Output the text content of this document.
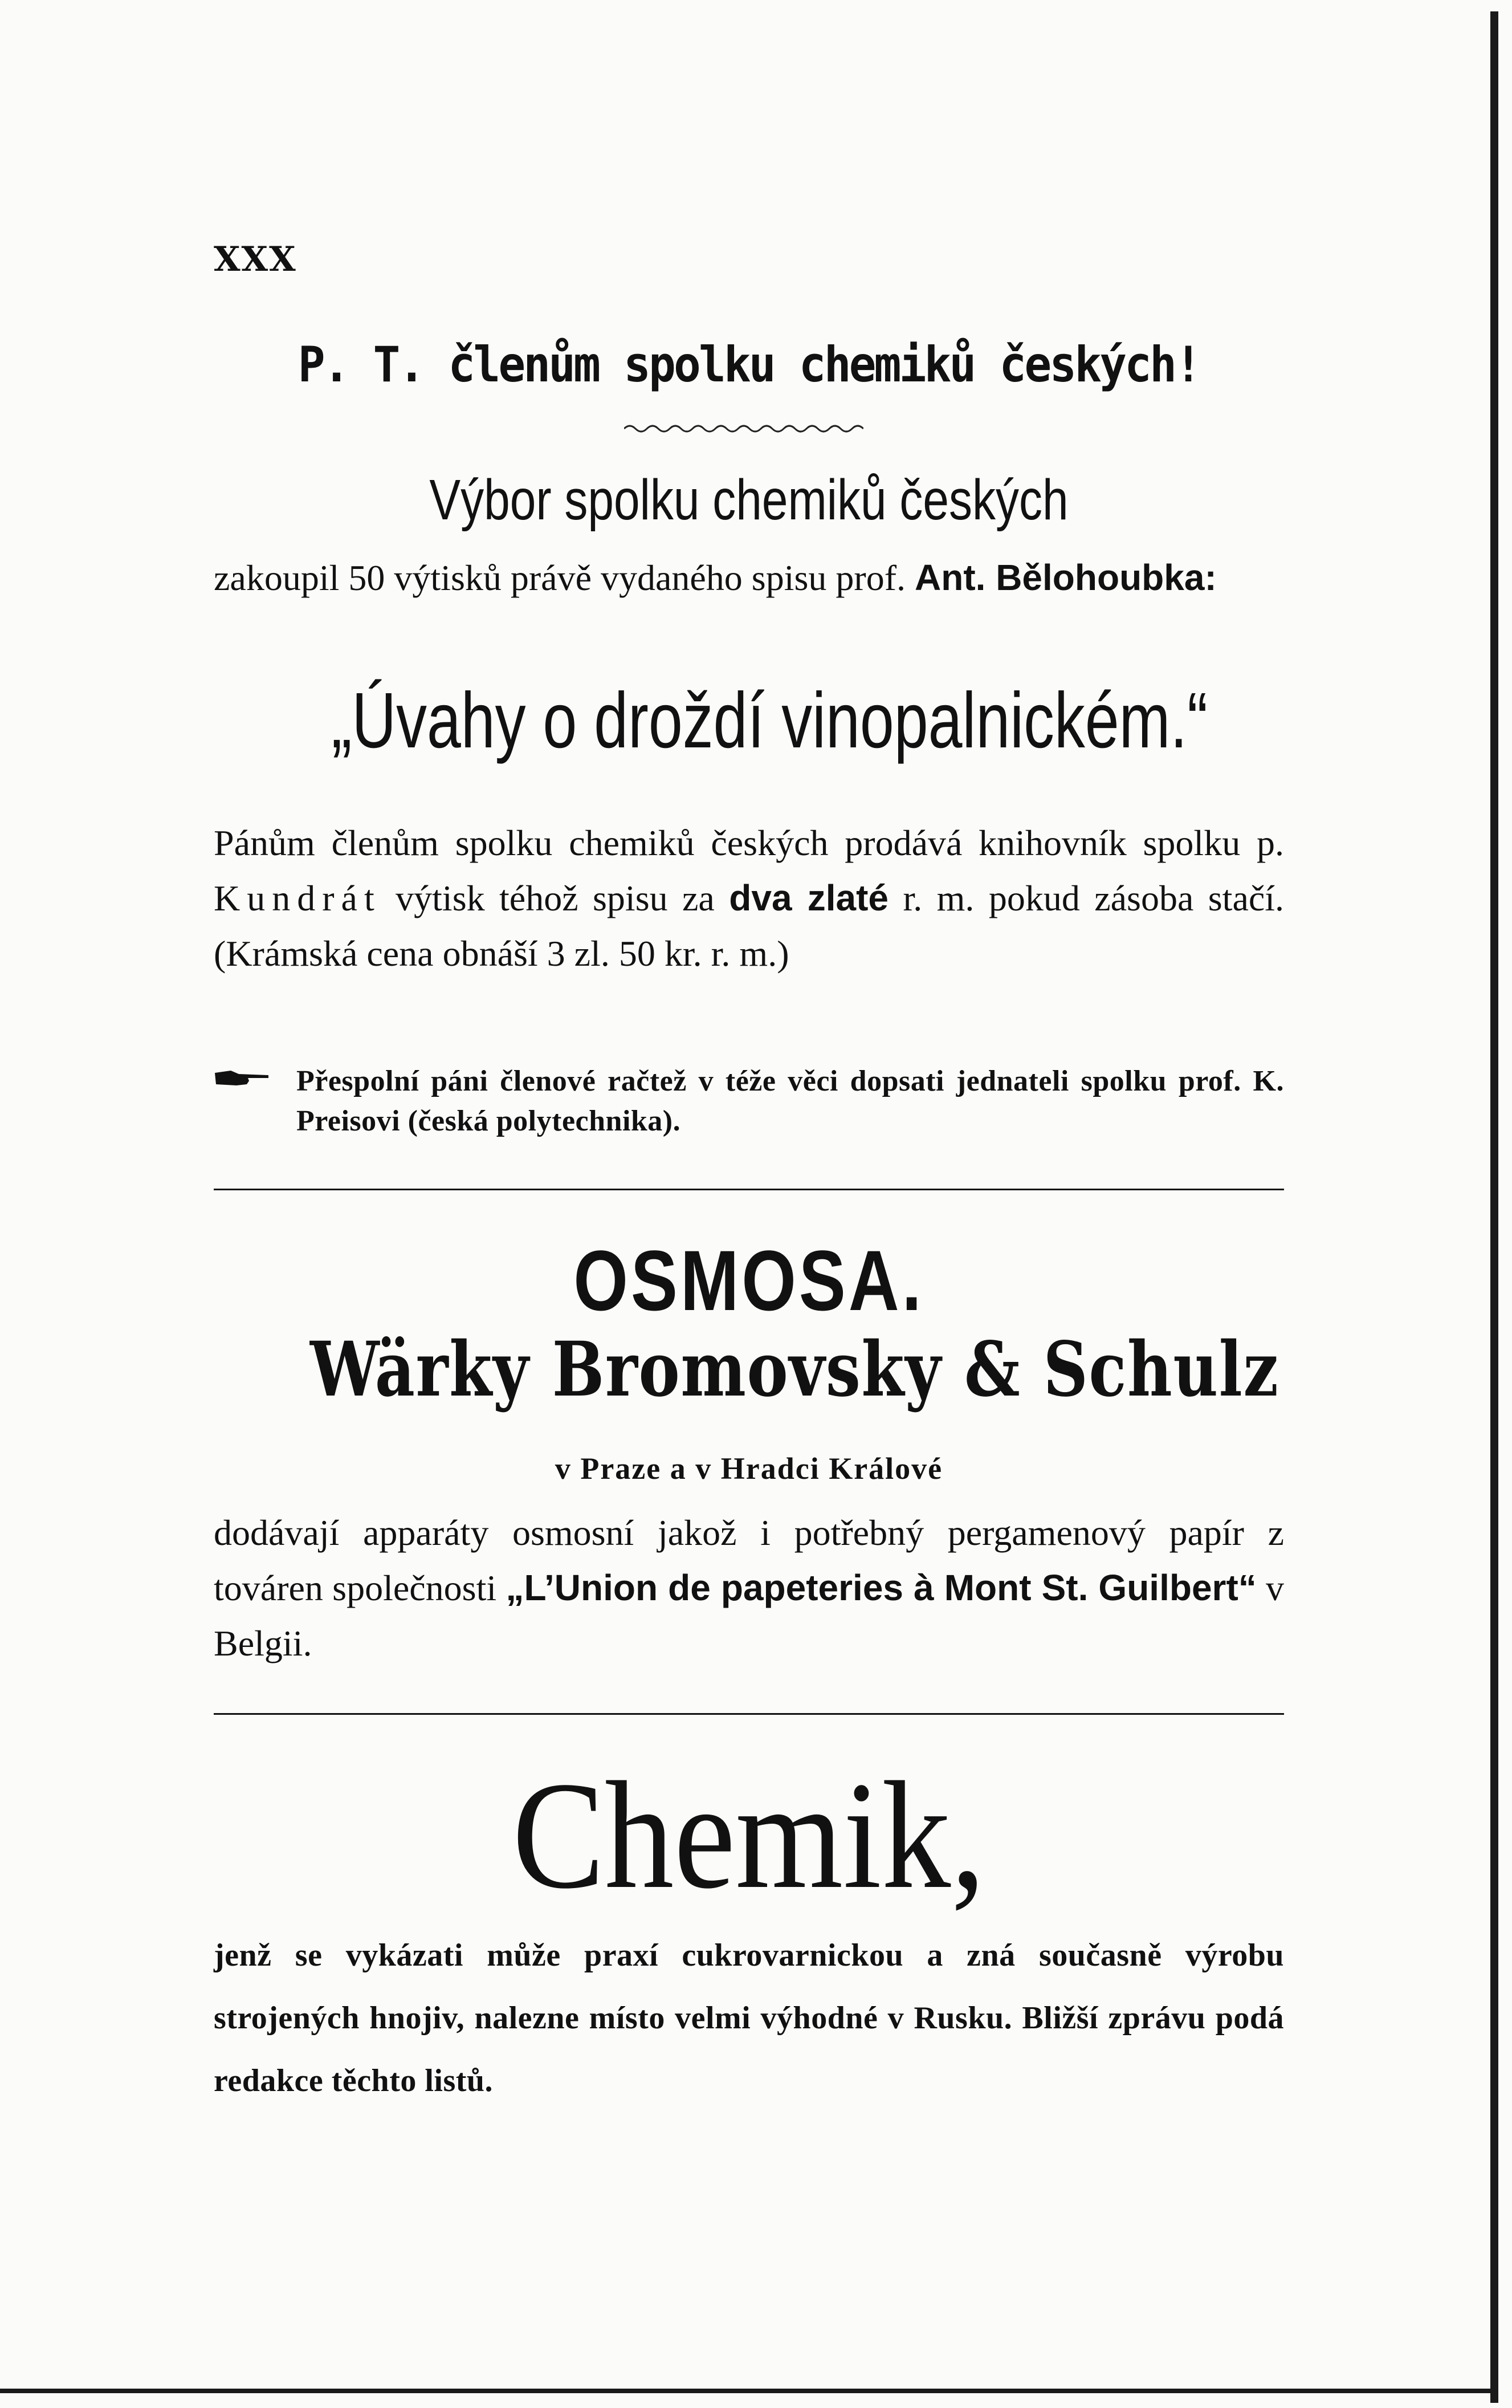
XXX
P. T. členům spolku chemiků českých!
Výbor spolku chemiků českých
zakoupil 50 výtisků právě vydaného spisu prof. Ant. Bělohoubka:
„Úvahy o droždí vinopalnickém.“
Pánům členům spolku chemiků českých prodává knihovník spolku p. Kundrát výtisk téhož spisu za dva zlaté r. m. pokud zásoba stačí. (Krámská cena obnáší 3 zl. 50 kr. r. m.)
Přespolní páni členové račtež v téže věci dopsati jednateli spolku prof. K. Preisovi (česká polytechnika).
OSMOSA.
Wärky Bromovsky & Schulz
v Praze a v Hradci Králové
dodávají apparáty osmosní jakož i potřebný pergamenový papír z továren společnosti „L’Union de papeteries à Mont St. Guilbert“ v Belgii.
Chemik,
jenž se vykázati může praxí cukrovarnickou a zná současně výrobu strojených hnojiv, nalezne místo velmi výhodné v Rusku. Bližší zprávu podá redakce těchto listů.
